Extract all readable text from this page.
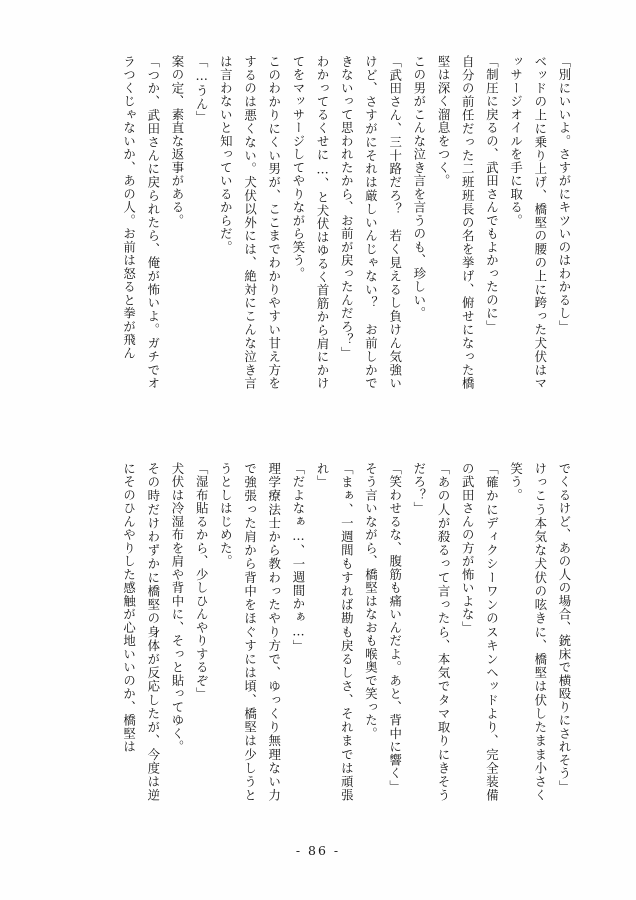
「別にいいよ。さすがにキツいのはわかるし」

ベッドの上に乗り上げ、橋堅の腰の上に跨った犬伏はマッサージオイルを手に取る。

「制圧に戻るの、武田さんでもよかったのに」

自分の前任だった二班班長の名を挙げ、俯せになった橋堅は深く溜息をつく。

この男がこんな泣き言を言うのも、珍しい。

「武田さん、三十路だろ？　若く見えるし負けん気強いけど、さすがにそれは厳しいんじゃない？　お前しかできないって思われたから、お前が戻ったんだろ？」

わかってるくせに…、と犬伏はゆるく首筋から肩にかけてをマッサージしてやりながら笑う。

このわかりにくい男が、ここまでわかりやすい甘え方をするのは悪くない。犬伏以外には、絶対にこんな泣き言は言わないと知っているからだ。

「…うん」

案の定、素直な返事がある。

「つか、武田さんに戻られたら、俺が怖いよ。ガチでオラつくじゃないか、あの人。お前は怒ると拳が飛ん

でくるけど、あの人の場合、銃床で横殴りにされそう」

けっこう本気な犬伏の呟きに、橋堅は伏したまま小さく笑う。

「確かにディクシーワンのスキンヘッドより、完全装備の武田さんの方が怖いよな」

「あの人が殺るって言ったら、本気でタマ取りにきそうだろ？」

「笑わせるな、腹筋も痛いんだよ。あと、背中に響く」

そう言いながら、橋堅はなおも喉奥で笑った。

「まぁ、一週間もすれば勘も戻るしさ、それまでは頑張れ」

「だよなぁ…、一週間かぁ…」

理学療法士から教わったやり方で、ゆっくり無理ない力で強張った肩から背中をほぐすには頃、橋堅は少しうとうとしはじめた。

「湿布貼るから、少しひんやりするぞ」

犬伏は冷湿布を肩や背中に、そっと貼ってゆく。

その時だけわずかに橋堅の身体が反応したが、今度は逆にそのひんやりした感触が心地いいのか、橋堅は

- 86 -
